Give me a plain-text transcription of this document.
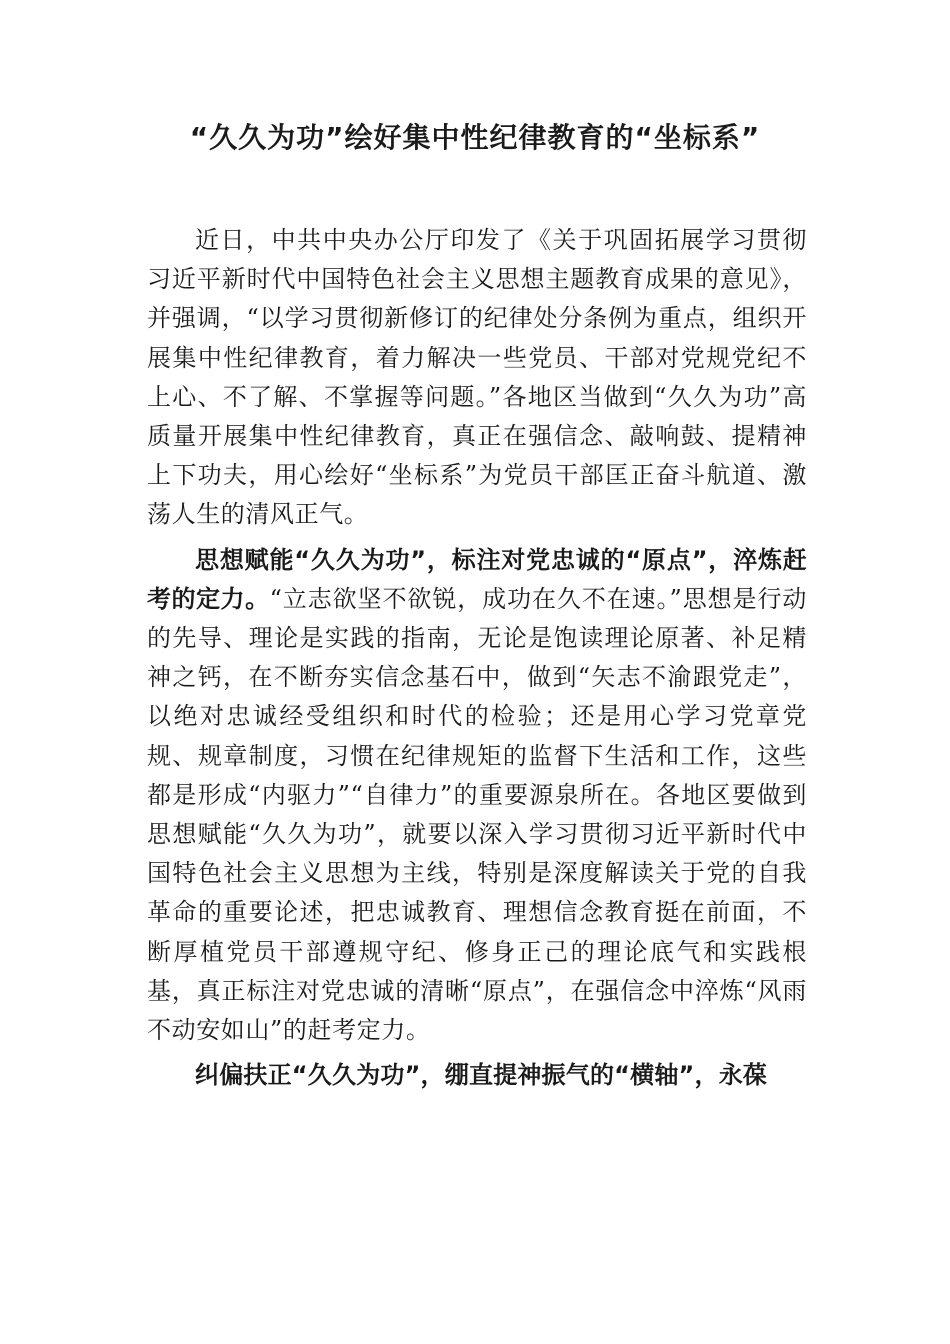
“久久为功”绘好集中性纪律教育的“坐标系”

近日，中共中央办公厅印发了《关于巩固拓展学习贯彻习近平新时代中国特色社会主义思想主题教育成果的意见》，并强调，“以学习贯彻新修订的纪律处分条例为重点，组织开展集中性纪律教育，着力解决一些党员、干部对党规党纪不上心、不了解、不掌握等问题。”各地区当做到“久久为功”高质量开展集中性纪律教育，真正在强信念、敲响鼓、提精神上下功夫，用心绘好“坐标系”为党员干部匡正奋斗航道、激荡人生的清风正气。

思想赋能“久久为功”，标注对党忠诚的“原点”，淬炼赶考的定力。“立志欲坚不欲锐，成功在久不在速。”思想是行动的先导、理论是实践的指南，无论是饱读理论原著、补足精神之钙，在不断夯实信念基石中，做到“矢志不渝跟党走”，以绝对忠诚经受组织和时代的检验；还是用心学习党章党规、规章制度，习惯在纪律规矩的监督下生活和工作，这些都是形成“内驱力”“自律力”的重要源泉所在。各地区要做到思想赋能“久久为功”，就要以深入学习贯彻习近平新时代中国特色社会主义思想为主线，特别是深度解读关于党的自我革命的重要论述，把忠诚教育、理想信念教育挺在前面，不断厚植党员干部遵规守纪、修身正己的理论底气和实践根基，真正标注对党忠诚的清晰“原点”，在强信念中淬炼“风雨不动安如山”的赶考定力。

纠偏扶正“久久为功”，绷直提神振气的“横轴”，永葆
